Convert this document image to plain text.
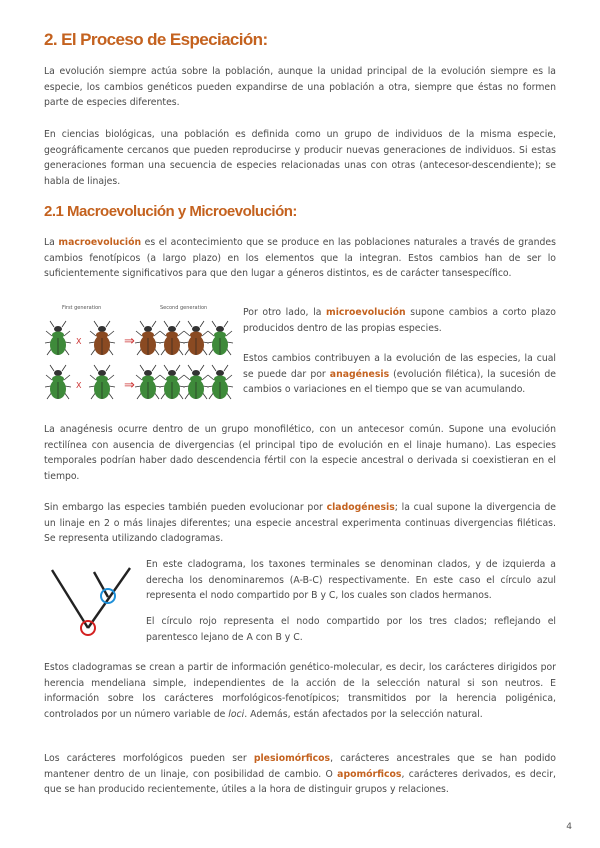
2. El Proceso de Especiación:

La evolución siempre actúa sobre la población, aunque la unidad principal de la evolución siempre es la especie, los cambios genéticos pueden expandirse de una población a otra, siempre que éstas no formen parte de especies diferentes.

En ciencias biológicas, una población es definida como un grupo de individuos de la misma especie, geográficamente cercanos que pueden reproducirse y producir nuevas generaciones de individuos. Si estas generaciones forman una secuencia de especies relacionadas unas con otras (antecesor-descendiente); se habla de linajes.

2.1 Macroevolución y Microevolución:

La macroevolución es el acontecimiento que se produce en las poblaciones naturales a través de grandes cambios fenotípicos (a largo plazo) en los elementos que la integran. Estos cambios han de ser lo suficientemente significativos para que den lugar a géneros distintos, es de carácter tansespecífico.

First generation	Second generation
X	⇒
X	⇒

Por otro lado, la microevolución supone cambios a corto plazo producidos dentro de las propias especies.

Estos cambios contribuyen a la evolución de las especies, la cual se puede dar por anagénesis (evolución filética), la sucesión de cambios o variaciones en el tiempo que se van acumulando.

La anagénesis ocurre dentro de un grupo monofilético, con un antecesor común. Supone una evolución rectilínea con ausencia de divergencias (el principal tipo de evolución en el linaje humano). Las especies temporales podrían haber dado descendencia fértil con la especie ancestral o derivada si coexistieran en el tiempo.

Sin embargo las especies también pueden evolucionar por cladogénesis; la cual supone la divergencia de un linaje en 2 o más linajes diferentes; una especie ancestral experimenta continuas divergencias filéticas. Se representa utilizando cladogramas.

En este cladograma, los taxones terminales se denominan clados, y de izquierda a derecha los denominaremos (A-B-C) respectivamente. En este caso el círculo azul representa el nodo compartido por B y C, los cuales son clados hermanos.

El círculo rojo representa el nodo compartido por los tres clados; reflejando el parentesco lejano de A con B y C.

Estos cladogramas se crean a partir de información genético-molecular, es decir, los carácteres dirigidos por herencia mendeliana simple, independientes de la acción de la selección natural si son neutros. E información sobre los carácteres morfológicos-fenotípicos; transmitidos por la herencia poligénica, controlados por un número variable de loci. Además, están afectados por la selección natural.

Los carácteres morfológicos pueden ser plesiomórficos, carácteres ancestrales que se han podido mantener dentro de un linaje, con posibilidad de cambio. O apomórficos, carácteres derivados, es decir, que se han producido recientemente, útiles a la hora de distinguir grupos y relaciones.

4
